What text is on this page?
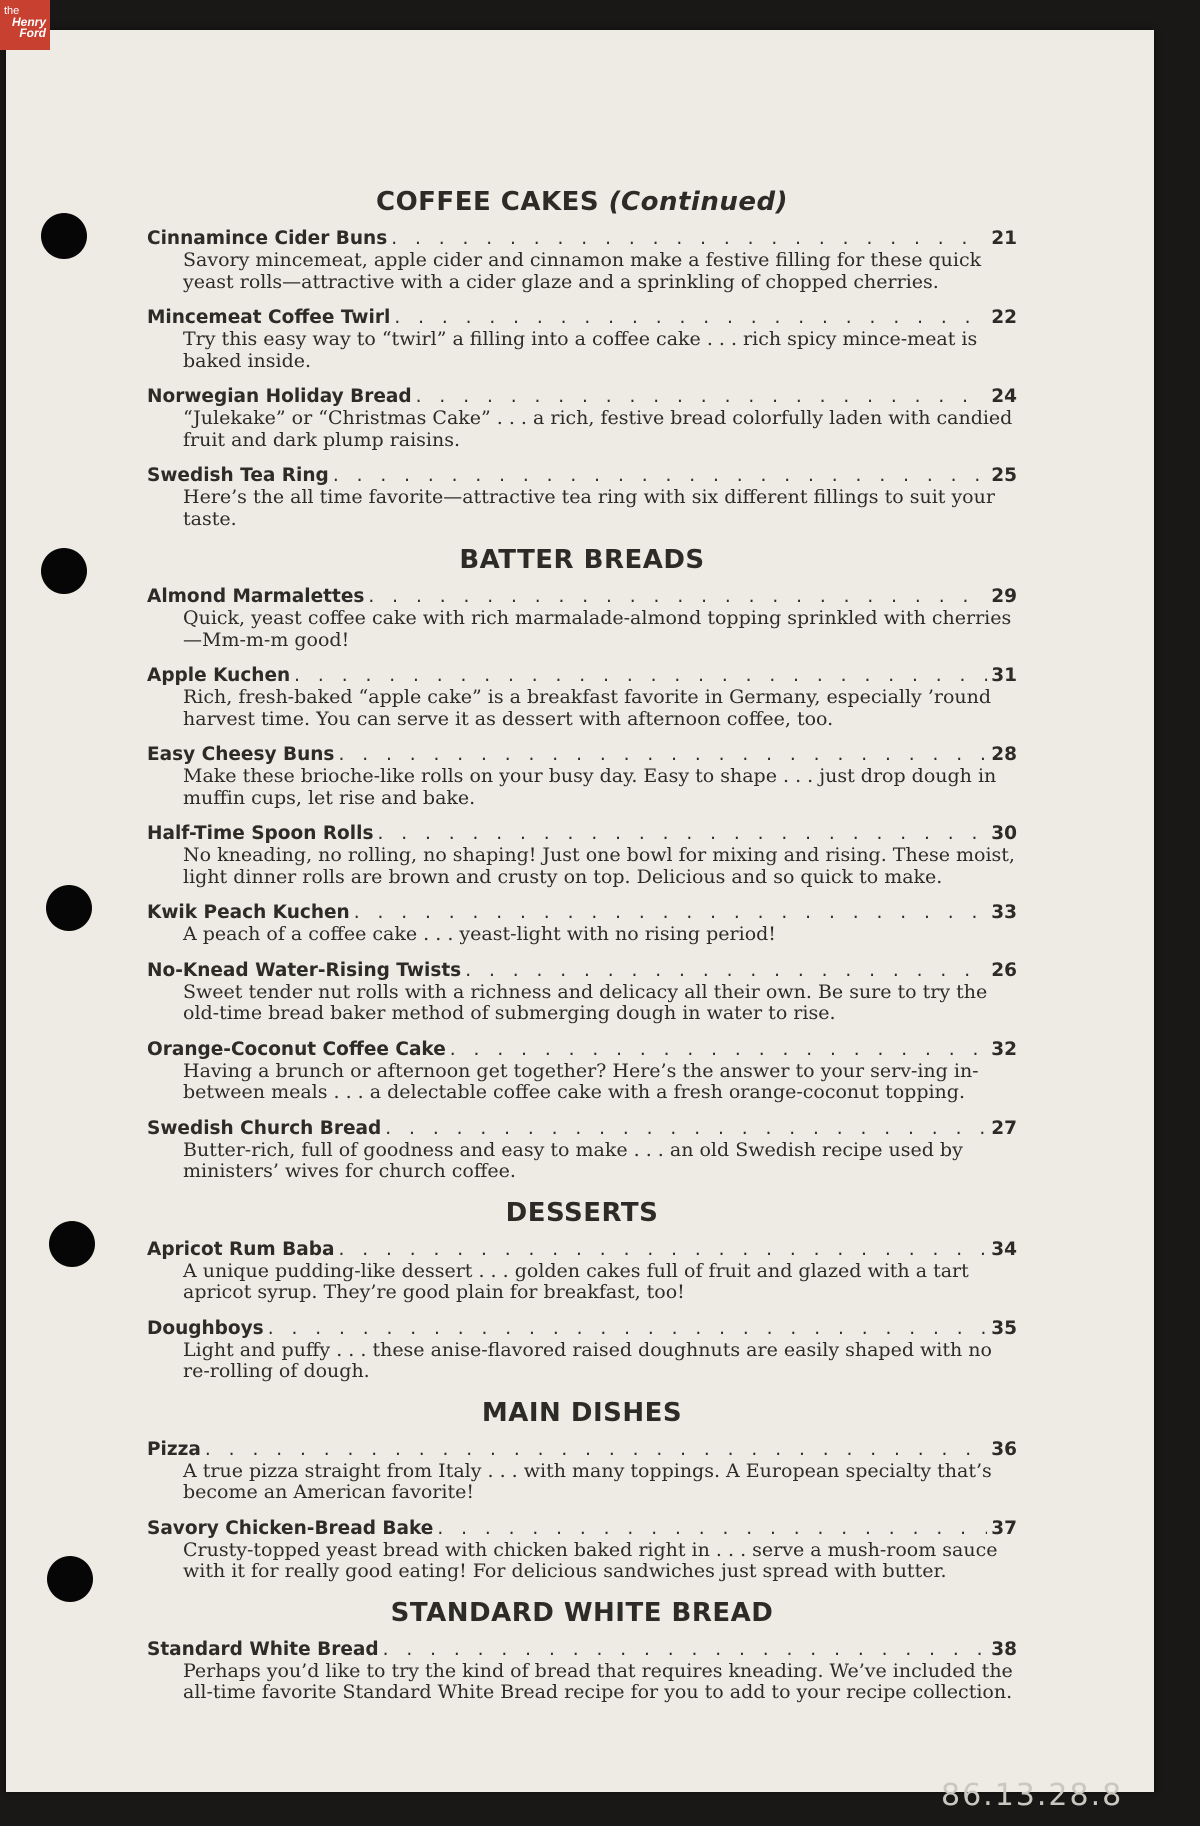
the
Henry
Ford
COFFEE CAKES (Continued)
Cinnamince Cider Buns . . .	21
Savory mincemeat, apple cider and cinnamon make a festive filling for these quick yeast rolls—attractive with a cider glaze and a sprinkling of chopped cherries.
Mincemeat Coffee Twirl . . .	22
Try this easy way to “twirl” a filling into a coffee cake . . . rich spicy mince-meat is baked inside.
Norwegian Holiday Bread . . .	24
“Julekake” or “Christmas Cake” . . . a rich, festive bread colorfully laden with candied fruit and dark plump raisins.
Swedish Tea Ring . . .	25
Here’s the all time favorite—attractive tea ring with six different fillings to suit your taste.
BATTER BREADS
Almond Marmalettes . . .	29
Quick, yeast coffee cake with rich marmalade-almond topping sprinkled with cherries—Mm-m-m good!
Apple Kuchen . . .	31
Rich, fresh-baked “apple cake” is a breakfast favorite in Germany, especially ’round harvest time. You can serve it as dessert with afternoon coffee, too.
Easy Cheesy Buns . . .	28
Make these brioche-like rolls on your busy day. Easy to shape . . . just drop dough in muffin cups, let rise and bake.
Half-Time Spoon Rolls . . .	30
No kneading, no rolling, no shaping! Just one bowl for mixing and rising. These moist, light dinner rolls are brown and crusty on top. Delicious and so quick to make.
Kwik Peach Kuchen . . .	33
A peach of a coffee cake . . . yeast-light with no rising period!
No-Knead Water-Rising Twists . . .	26
Sweet tender nut rolls with a richness and delicacy all their own. Be sure to try the old-time bread baker method of submerging dough in water to rise.
Orange-Coconut Coffee Cake . . .	32
Having a brunch or afternoon get together? Here’s the answer to your serv-ing in-between meals . . . a delectable coffee cake with a fresh orange-coconut topping.
Swedish Church Bread . . .	27
Butter-rich, full of goodness and easy to make . . . an old Swedish recipe used by ministers’ wives for church coffee.
DESSERTS
Apricot Rum Baba . . .	34
A unique pudding-like dessert . . . golden cakes full of fruit and glazed with a tart apricot syrup. They’re good plain for breakfast, too!
Doughboys . . .	35
Light and puffy . . . these anise-flavored raised doughnuts are easily shaped with no re-rolling of dough.
MAIN DISHES
Pizza . . .	36
A true pizza straight from Italy . . . with many toppings. A European specialty that’s become an American favorite!
Savory Chicken-Bread Bake . . .	37
Crusty-topped yeast bread with chicken baked right in . . . serve a mush-room sauce with it for really good eating! For delicious sandwiches just spread with butter.
STANDARD WHITE BREAD
Standard White Bread . . .	38
Perhaps you’d like to try the kind of bread that requires kneading. We’ve included the all-time favorite Standard White Bread recipe for you to add to your recipe collection.
86.13.28.8
